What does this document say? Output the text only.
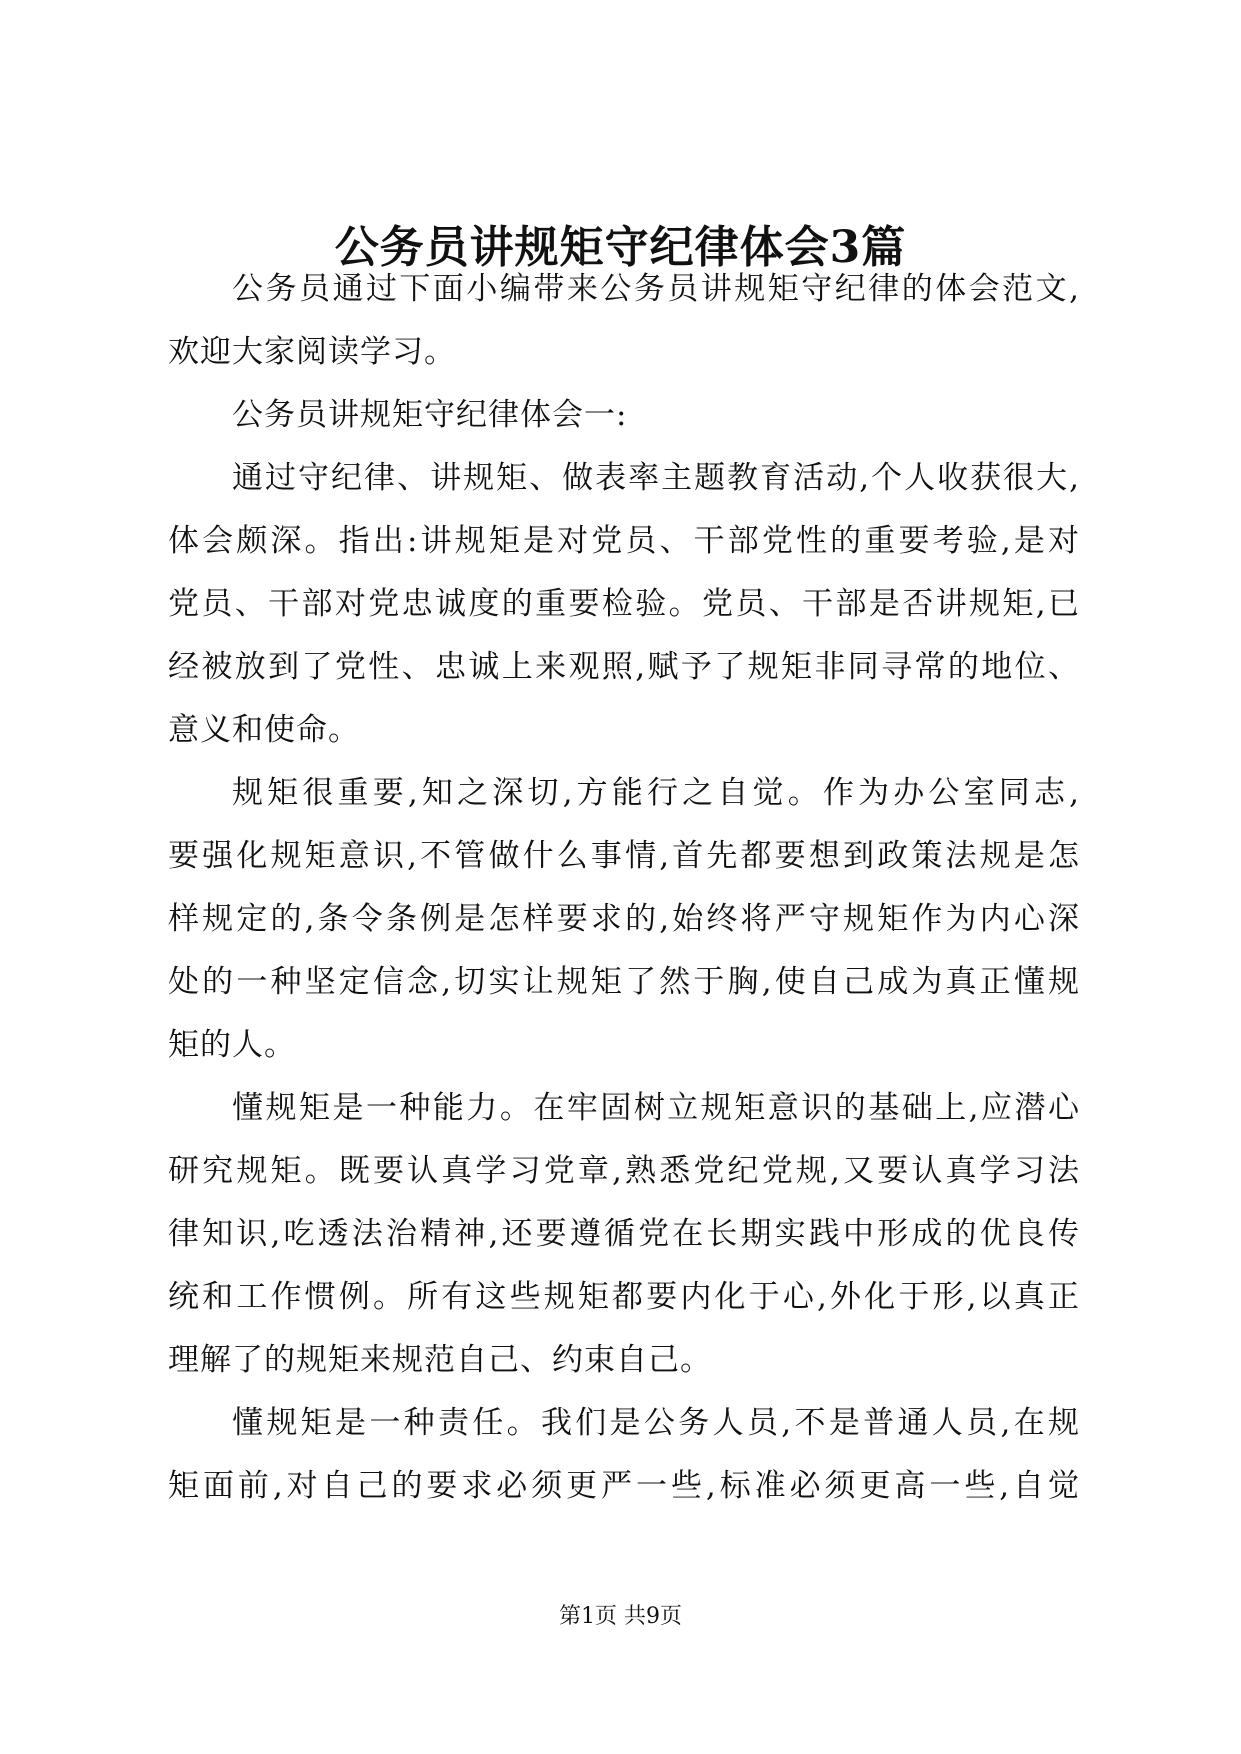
公务员讲规矩守纪律体会3篇
公务员通过下面小编带来公务员讲规矩守纪律的体会范文,
欢迎大家阅读学习。
公务员讲规矩守纪律体会一:
通过守纪律、讲规矩、做表率主题教育活动,个人收获很大,
体会颇深。指出:讲规矩是对党员、干部党性的重要考验,是对
党员、干部对党忠诚度的重要检验。党员、干部是否讲规矩,已
经被放到了党性、忠诚上来观照,赋予了规矩非同寻常的地位、
意义和使命。
规矩很重要,知之深切,方能行之自觉。作为办公室同志,
要强化规矩意识,不管做什么事情,首先都要想到政策法规是怎
样规定的,条令条例是怎样要求的,始终将严守规矩作为内心深
处的一种坚定信念,切实让规矩了然于胸,使自己成为真正懂规
矩的人。
懂规矩是一种能力。在牢固树立规矩意识的基础上,应潜心
研究规矩。既要认真学习党章,熟悉党纪党规,又要认真学习法
律知识,吃透法治精神,还要遵循党在长期实践中形成的优良传
统和工作惯例。所有这些规矩都要内化于心,外化于形,以真正
理解了的规矩来规范自己、约束自己。
懂规矩是一种责任。我们是公务人员,不是普通人员,在规
矩面前,对自己的要求必须更严一些,标准必须更高一些,自觉
第1页 共9页
